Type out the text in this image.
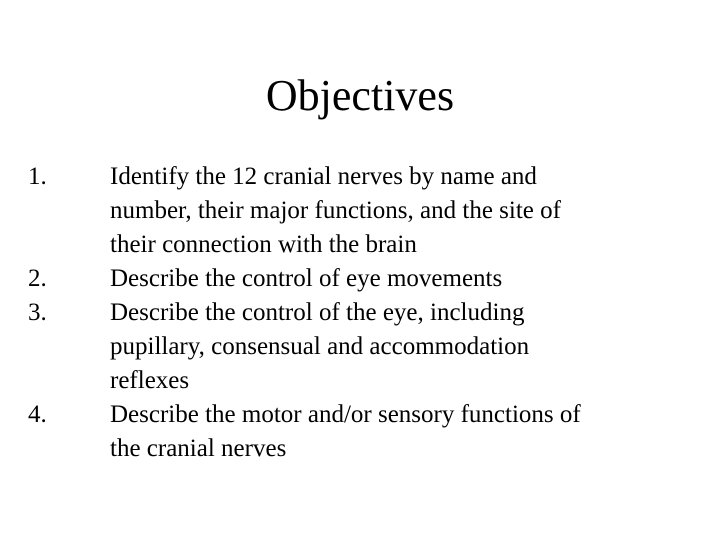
Objectives
1.	Identify the 12 cranial nerves by name and
number, their major functions, and the site of
their connection with the brain
2.	Describe the control of eye movements
3.	Describe the control of the eye, including
pupillary, consensual and accommodation
reflexes
4.	Describe the motor and/or sensory functions of
the cranial nerves
